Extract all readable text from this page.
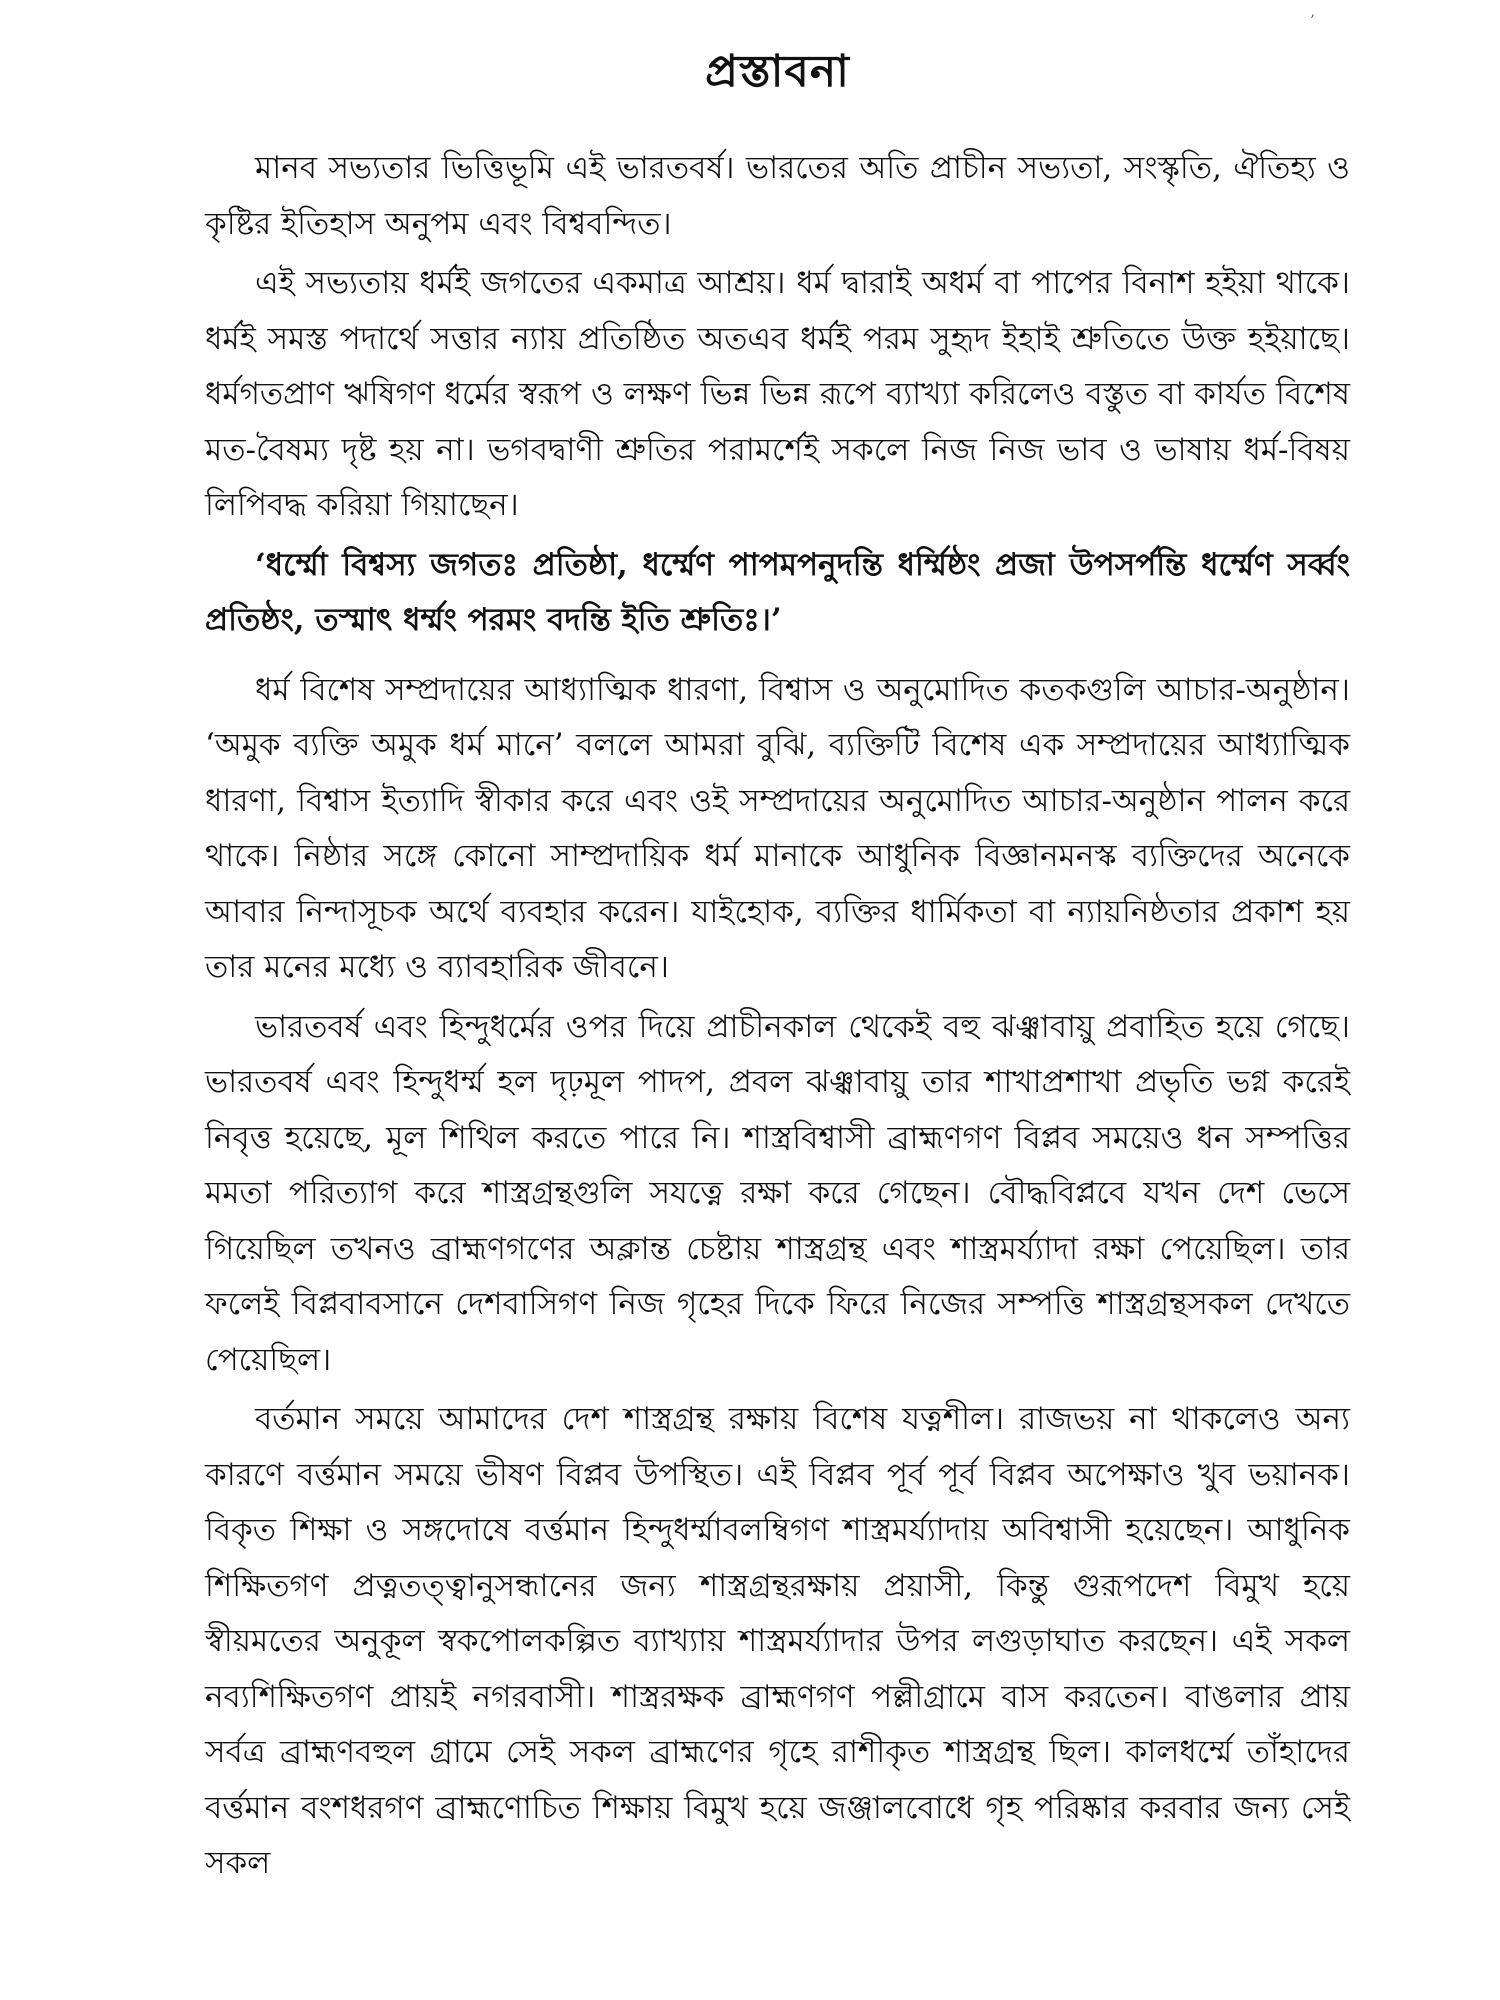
,
প্রস্তাবনা

মানব সভ্যতার ভিত্তিভূমি এই ভারতবর্ষ। ভারতের অতি প্রাচীন সভ্যতা, সংস্কৃতি, ঐতিহ্য ও কৃষ্টির ইতিহাস অনুপম এবং বিশ্ববন্দিত।

এই সভ্যতায় ধর্মই জগতের একমাত্র আশ্রয়। ধর্ম দ্বারাই অধর্ম বা পাপের বিনাশ হইয়া থাকে। ধর্মই সমস্ত পদার্থে সত্তার ন্যায় প্রতিষ্ঠিত অতএব ধর্মই পরম সুহৃদ ইহাই শ্রুতিতে উক্ত হইয়াছে। ধর্মগতপ্রাণ ঋষিগণ ধর্মের স্বরূপ ও লক্ষণ ভিন্ন ভিন্ন রূপে ব্যাখ্যা করিলেও বস্তুত বা কার্যত বিশেষ মত-বৈষম্য দৃষ্ট হয় না। ভগবদ্বাণী শ্রুতির পরামর্শেই সকলে নিজ নিজ ভাব ও ভাষায় ধর্ম-বিষয় লিপিবদ্ধ করিয়া গিয়াছেন।

‘ধর্ম্মো বিশ্বস্য জগতঃ প্রতিষ্ঠা, ধর্ম্মেণ পাপমপনুদন্তি ধর্ম্মিষ্ঠং প্রজা উপসর্পন্তি ধর্ম্মেণ সর্ব্বং প্রতিষ্ঠং, তস্মাৎ ধর্ম্মং পরমং বদন্তি ইতি শ্রুতিঃ।’

ধর্ম বিশেষ সম্প্রদায়ের আধ্যাত্মিক ধারণা, বিশ্বাস ও অনুমোদিত কতকগুলি আচার-অনুষ্ঠান। ‘অমুক ব্যক্তি অমুক ধর্ম মানে’ বললে আমরা বুঝি, ব্যক্তিটি বিশেষ এক সম্প্রদায়ের আধ্যাত্মিক ধারণা, বিশ্বাস ইত্যাদি স্বীকার করে এবং ওই সম্প্রদায়ের অনুমোদিত আচার-অনুষ্ঠান পালন করে থাকে। নিষ্ঠার সঙ্গে কোনো সাম্প্রদায়িক ধর্ম মানাকে আধুনিক বিজ্ঞানমনস্ক ব্যক্তিদের অনেকে আবার নিন্দাসূচক অর্থে ব্যবহার করেন। যাইহোক, ব্যক্তির ধার্মিকতা বা ন্যায়নিষ্ঠতার প্রকাশ হয় তার মনের মধ্যে ও ব্যাবহারিক জীবনে।

ভারতবর্ষ এবং হিন্দুধর্মের ওপর দিয়ে প্রাচীনকাল থেকেই বহু ঝঞ্ঝাবায়ু প্রবাহিত হয়ে গেছে। ভারতবর্ষ এবং হিন্দুধর্ম্ম হল দৃঢ়মূল পাদপ, প্রবল ঝঞ্ঝাবায়ু তার শাখাপ্রশাখা প্রভৃতি ভগ্ন করেই নিবৃত্ত হয়েছে, মূল শিথিল করতে পারে নি। শাস্ত্রবিশ্বাসী ব্রাহ্মণগণ বিপ্লব সময়েও ধন সম্পত্তির মমতা পরিত্যাগ করে শাস্ত্রগ্রন্থগুলি সযত্নে রক্ষা করে গেছেন। বৌদ্ধবিপ্লবে যখন দেশ ভেসে গিয়েছিল তখনও ব্রাহ্মণগণের অক্লান্ত চেষ্টায় শাস্ত্রগ্রন্থ এবং শাস্ত্রমর্য্যাদা রক্ষা পেয়েছিল। তার ফলেই বিপ্লবাবসানে দেশবাসিগণ নিজ গৃহের দিকে ফিরে নিজের সম্পত্তি শাস্ত্রগ্রন্থসকল দেখতে পেয়েছিল।

বর্তমান সময়ে আমাদের দেশ শাস্ত্রগ্রন্থ রক্ষায় বিশেষ যত্নশীল। রাজভয় না থাকলেও অন্য কারণে বর্ত্তমান সময়ে ভীষণ বিপ্লব উপস্থিত। এই বিপ্লব পূর্ব পূর্ব বিপ্লব অপেক্ষাও খুব ভয়ানক। বিকৃত শিক্ষা ও সঙ্গদোষে বর্ত্তমান হিন্দুধর্ম্মাবলম্বিগণ শাস্ত্রমর্য্যাদায় অবিশ্বাসী হয়েছেন। আধুনিক শিক্ষিতগণ প্রত্নতত্ত্বানুসন্ধানের জন্য শাস্ত্রগ্রন্থরক্ষায় প্রয়াসী, কিন্তু গুরূপদেশ বিমুখ হয়ে স্বীয়মতের অনুকূল স্বকপোলকল্পিত ব্যাখ্যায় শাস্ত্রমর্য্যাদার উপর লগুড়াঘাত করছেন। এই সকল নব্যশিক্ষিতগণ প্রায়ই নগরবাসী। শাস্ত্ররক্ষক ব্রাহ্মণগণ পল্লীগ্রামে বাস করতেন। বাঙলার প্রায় সর্বত্র ব্রাহ্মণবহুল গ্রামে সেই সকল ব্রাহ্মণের গৃহে রাশীকৃত শাস্ত্রগ্রন্থ ছিল। কালধর্ম্মে তাঁহাদের বর্ত্তমান বংশধরগণ ব্রাহ্মণোচিত শিক্ষায় বিমুখ হয়ে জঞ্জালবোধে গৃহ পরিষ্কার করবার জন্য সেই সকল
